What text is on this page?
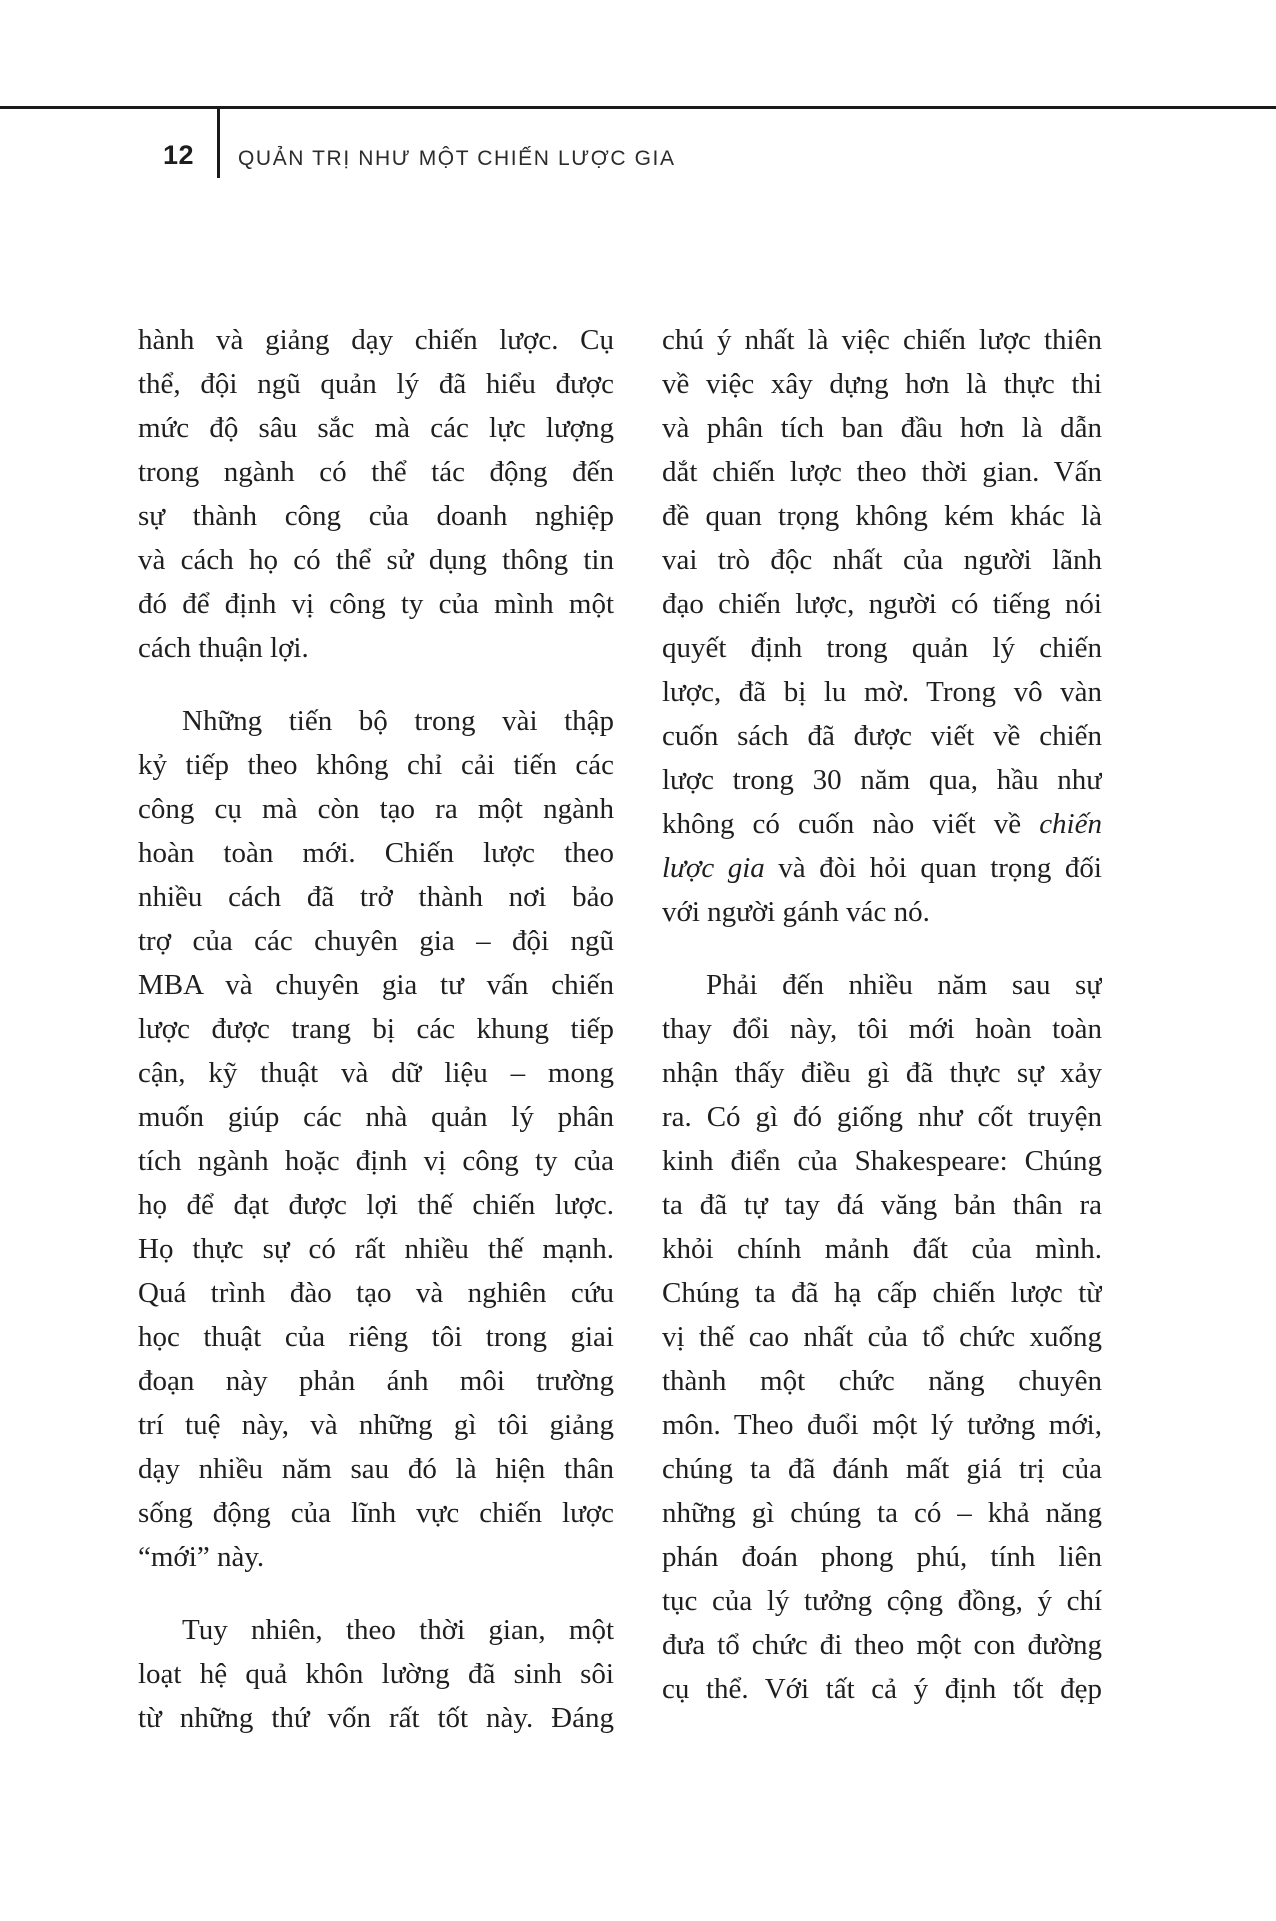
12 QUẢN TRỊ NHƯ MỘT CHIẾN LƯỢC GIA
hành và giảng dạy chiến lược. Cụ
thể, đội ngũ quản lý đã hiểu được
mức độ sâu sắc mà các lực lượng
trong ngành có thể tác động đến
sự thành công của doanh nghiệp
và cách họ có thể sử dụng thông tin
đó để định vị công ty của mình một
cách thuận lợi.
Những tiến bộ trong vài thập
kỷ tiếp theo không chỉ cải tiến các
công cụ mà còn tạo ra một ngành
hoàn toàn mới. Chiến lược theo
nhiều cách đã trở thành nơi bảo
trợ của các chuyên gia – đội ngũ
MBA và chuyên gia tư vấn chiến
lược được trang bị các khung tiếp
cận, kỹ thuật và dữ liệu – mong
muốn giúp các nhà quản lý phân
tích ngành hoặc định vị công ty của
họ để đạt được lợi thế chiến lược.
Họ thực sự có rất nhiều thế mạnh.
Quá trình đào tạo và nghiên cứu
học thuật của riêng tôi trong giai
đoạn này phản ánh môi trường
trí tuệ này, và những gì tôi giảng
dạy nhiều năm sau đó là hiện thân
sống động của lĩnh vực chiến lược
“mới” này.
Tuy nhiên, theo thời gian, một
loạt hệ quả khôn lường đã sinh sôi
từ những thứ vốn rất tốt này. Đáng
chú ý nhất là việc chiến lược thiên
về việc xây dựng hơn là thực thi
và phân tích ban đầu hơn là dẫn
dắt chiến lược theo thời gian. Vấn
đề quan trọng không kém khác là
vai trò độc nhất của người lãnh
đạo chiến lược, người có tiếng nói
quyết định trong quản lý chiến
lược, đã bị lu mờ. Trong vô vàn
cuốn sách đã được viết về chiến
lược trong 30 năm qua, hầu như
không có cuốn nào viết về chiến
lược gia và đòi hỏi quan trọng đối
với người gánh vác nó.
Phải đến nhiều năm sau sự
thay đổi này, tôi mới hoàn toàn
nhận thấy điều gì đã thực sự xảy
ra. Có gì đó giống như cốt truyện
kinh điển của Shakespeare: Chúng
ta đã tự tay đá văng bản thân ra
khỏi chính mảnh đất của mình.
Chúng ta đã hạ cấp chiến lược từ
vị thế cao nhất của tổ chức xuống
thành một chức năng chuyên
môn. Theo đuổi một lý tưởng mới,
chúng ta đã đánh mất giá trị của
những gì chúng ta có – khả năng
phán đoán phong phú, tính liên
tục của lý tưởng cộng đồng, ý chí
đưa tổ chức đi theo một con đường
cụ thể. Với tất cả ý định tốt đẹp
